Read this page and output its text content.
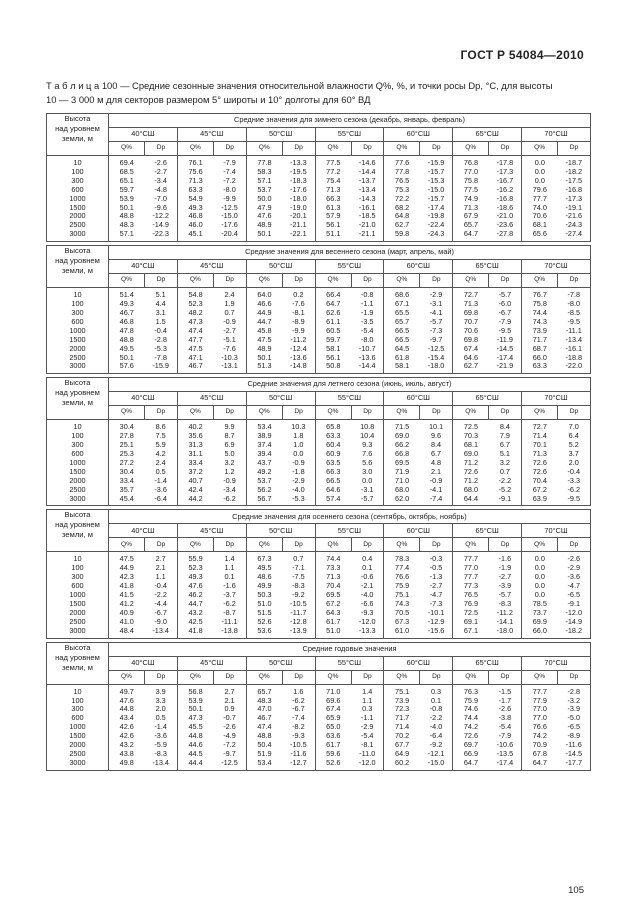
ГОСТ Р 54084—2010
Т а б л и ц а 100 — Средние сезонные значения относительной влажности Q%, %, и точки росы Dp, °C, для высоты
10 — 3 000 м для секторов размером 5° широты и 10° долготы для 60° ВД
Высота
над уровнем
земли, м	Средние значения для зимнего сезона (декабрь, январь, февраль)													
	40°СШ		45°СШ		50°СШ		55°СШ		60°СШ		65°СШ		70°СШ	
	Q%	Dp	Q%	Dp	Q%	Dp	Q%	Dp	Q%	Dp	Q%	Dp	Q%	Dp
10	69.4	-2.6	76.1	-7.9	77.8	-13.3	77.5	-14.6	77.6	-15.9	76.8	-17.8	0.0	-18.7
100	68.5	-2.7	75.6	-7.4	58.3	-19.5	77.2	-14.4	77.8	-15.7	77.0	-17.3	0.0	-18.2
300	65.1	-3.4	71.3	-7.2	57.1	-18.3	75.4	-13.7	76.5	-15.3	75.8	-16.7	0.0	-17.5
600	59.7	-4.8	63.3	-8.0	53.7	-17.6	71.3	-13.4	75.3	-15.0	77.5	-16.2	79.6	-16.8
1000	53.9	-7.0	54.9	-9.9	50.0	-18.0	66.3	-14.3	72.2	-15.7	74.9	-16.8	77.7	-17.3
1500	50.1	-9.6	49.3	-12.5	47.9	-19.0	61.3	-16.1	68.2	-17.4	71.3	-18.6	74.0	-19.1
2000	48.8	-12.2	46.8	-15.0	47.6	-20.1	57.9	-18.5	64.8	-19.8	67.9	-21.0	70.6	-21.6
2500	48.3	-14.9	46.0	-17.6	48.9	-21.1	56.1	-21.0	62.7	-22.4	65.7	-23.6	68.1	-24.3
3000	57.1	-22.3	45.1	-20.4	50.1	-22.1	51.1	-21.1	59.8	-24.3	64.7	-27.8	65.6	-27.4
Высота
над уровнем
земли, м	Средние значения для весеннего сезона (март, апрель, май)													
	40°СШ		45°СШ		50°СШ		55°СШ		60°СШ		65°СШ		70°СШ	
	Q%	Dp	Q%	Dp	Q%	Dp	Q%	Dp	Q%	Dp	Q%	Dp	Q%	Dp
10	51.4	5.1	54.8	2.4	64.0	0.2	66.4	-0.8	68.6	-2.9	72.7	-5.7	76.7	-7.8
100	49.3	4.4	52.3	1.9	46.6	-7.6	64.7	-1.1	67.1	-3.1	71.3	-6.0	75.8	-8.0
300	46.7	3.1	48.2	0.7	44.9	-8.1	62.6	-1.9	65.5	-4.1	69.8	-6.7	74.4	-8.5
600	46.8	1.5	47.3	-0.9	44.7	-8.9	61.1	-3.5	65.7	-5.7	70.7	-7.9	74.3	-9.5
1000	47.8	-0.4	47.4	-2.7	45.8	-9.9	60.5	-5.4	66.5	-7.3	70.6	-9.5	73.9	-11.1
1500	48.8	-2.8	47.7	-5.1	47.5	-11.2	59.7	-8.0	66.5	-9.7	69.8	-11.9	71.7	-13.4
2000	49.5	-5.3	47.5	-7.6	48.9	-12.4	58.1	-10.7	64.5	-12.5	67.4	-14.5	68.7	-16.1
2500	50.1	-7.8	47.1	-10.3	50.1	-13.6	56.1	-13.6	61.8	-15.4	64.6	-17.4	66.0	-18.8
3000	57.6	-15.9	46.7	-13.1	51.3	-14.8	50.8	-14.4	58.1	-18.0	62.7	-21.9	63.3	-22.0
Высота
над уровнем
земли, м	Средние значения для летнего сезона (июнь, июль, август)													
	40°СШ		45°СШ		50°СШ		55°СШ		60°СШ		65°СШ		70°СШ	
	Q%	Dp	Q%	Dp	Q%	Dp	Q%	Dp	Q%	Dp	Q%	Dp	Q%	Dp
10	30.4	8.6	40.2	9.9	53.4	10.3	65.8	10.8	71.5	10.1	72.5	8.4	72.7	7.0
100	27.8	7.5	35.6	8.7	38.9	1.8	63.3	10.4	69.0	9.6	70.3	7.9	71.4	6.4
300	25.1	5.9	31.3	6.9	37.4	1.0	60.4	9.3	66.2	8.4	68.1	6.7	70.1	5.2
600	25.3	4.2	31.1	5.0	39.4	0.0	60.9	7.6	66.8	6.7	69.0	5.1	71.3	3.7
1000	27.2	2.4	33.4	3.2	43.7	-0.9	63.5	5.6	69.5	4.8	71.2	3.2	72.6	2.0
1500	30.4	0.5	37.2	1.2	49.2	-1.8	66.3	3.0	71.9	2.1	72.6	0.7	72.6	-0.4
2000	33.4	-1.4	40.7	-0.9	53.7	-2.9	66.5	0.0	71.0	-0.9	71.2	-2.2	70.4	-3.3
2500	35.7	-3.6	42.4	-3.4	56.2	-4.0	64.6	-3.1	68.0	-4.1	68.0	-5.2	67.2	-6.2
3000	45.4	-6.4	44.2	-6.2	56.7	-5.3	57.4	-5.7	62.0	-7.4	64.4	-9.1	63.9	-9.5
Высота
над уровнем
земли, м	Средние значения для осеннего сезона (сентябрь, октябрь, ноябрь)													
	40°СШ		45°СШ		50°СШ		55°СШ		60°СШ		65°СШ		70°СШ	
	Q%	Dp	Q%	Dp	Q%	Dp	Q%	Dp	Q%	Dp	Q%	Dp	Q%	Dp
10	47.5	2.7	55.9	1.4	67.3	0.7	74.4	0.4	78.3	-0.3	77.7	-1.6	0.0	-2.6
100	44.9	2.1	52.3	1.1	49.5	-7.1	73.3	0.1	77.4	-0.5	77.0	-1.9	0.0	-2.9
300	42.3	1.1	49.3	0.1	48.6	-7.5	71.3	-0.6	76.6	-1.3	77.7	-2.7	0.0	-3.6
600	41.8	-0.4	47.6	-1.6	49.9	-8.3	70.4	-2.1	75.9	-2.7	77.3	-3.9	0.0	-4.7
1000	41.5	-2.2	46.2	-3.7	50.3	-9.2	69.5	-4.0	75.1	-4.7	76.5	-5.7	0.0	-6.5
1500	41.2	-4.4	44.7	-6.2	51.0	-10.5	67.2	-6.6	74.3	-7.3	76.9	-8.3	78.5	-9.1
2000	40.9	-6.7	43.2	-8.7	51.5	-11.7	64.3	-9.3	70.5	-10.1	72.5	-11.2	73.7	-12.0
2500	41.0	-9.0	42.5	-11.1	52.6	-12.8	61.7	-12.0	67.3	-12.9	69.1	-14.1	69.9	-14.9
3000	48.4	-13.4	41.8	-13.8	53.6	-13.9	51.0	-13.3	61.0	-15.6	67.1	-18.0	66.0	-18.2
Высота
над уровнем
земли, м	Средние годовые значения													
	40°СШ		45°СШ		50°СШ		55°СШ		60°СШ		65°СШ		70°СШ	
	Q%	Dp	Q%	Dp	Q%	Dp	Q%	Dp	Q%	Dp	Q%	Dp	Q%	Dp
10	49.7	3.9	56.8	2.7	65.7	1.6	71.0	1.4	75.1	0.3	76.3	-1.5	77.7	-2.8
100	47.6	3.3	53.9	2.1	48.3	-6.2	69.6	1.1	73.9	0.1	75.9	-1.7	77.9	-3.2
300	44.8	2.0	50.1	0.9	47.0	-6.7	67.4	0.3	72.3	-0.8	74.6	-2.6	77.0	-3.9
600	43.4	0.5	47.3	-0.7	46.7	-7.4	65.9	-1.1	71.7	-2.2	74.4	-3.8	77.0	-5.0
1000	42.6	-1.4	45.5	-2.6	47.4	-8.2	65.0	-2.9	71.4	-4.0	74.2	-5.4	76.6	-6.5
1500	42.6	-3.6	44.8	-4.9	48.8	-9.3	63.6	-5.4	70.2	-6.4	72.6	-7.9	74.2	-8.9
2000	43.2	-5.9	44.6	-7.2	50.4	-10.5	61.7	-8.1	67.7	-9.2	69.7	-10.6	70.9	-11.6
2500	43.8	-8.3	44.5	-9.7	51.9	-11.6	59.6	-11.0	64.9	-12.1	66.9	-13.5	67.8	-14.5
3000	49.8	-13.4	44.4	-12.5	53.4	-12.7	52.6	-12.0	60.2	-15.0	64.7	-17.4	64.7	-17.7
105
